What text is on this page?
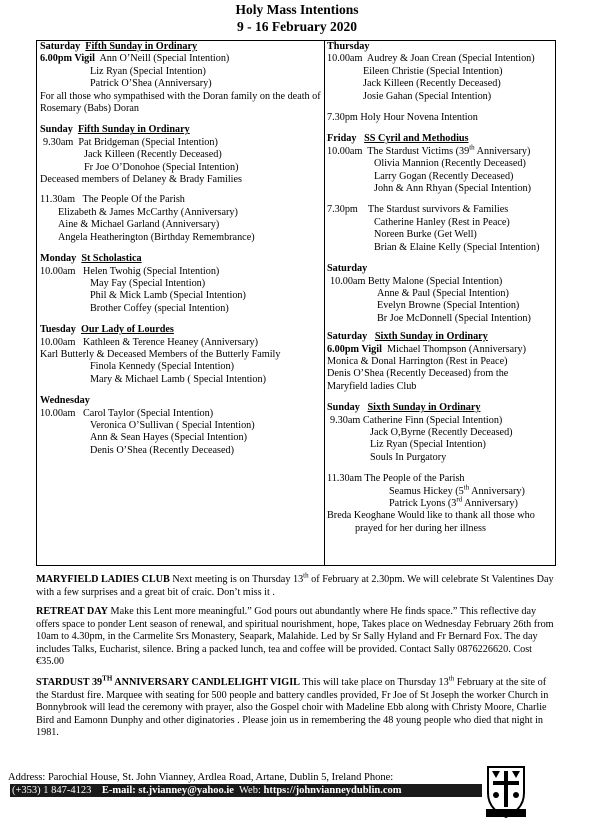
Holy Mass Intentions
9 - 16 February 2020
Saturday Fifth Sunday in Ordinary
6.00pm Vigil Ann O’Neill (Special Intention)
Liz Ryan (Special Intention)
Patrick O’Shea (Anniversary)
For all those who sympathised with the Doran family on the death of Rosemary (Babs) Doran
Sunday Fifth Sunday in Ordinary
9.30am Pat Bridgeman (Special Intention)
Jack Killeen (Recently Deceased)
Fr Joe O’Donohoe (Special Intention)
Deceased members of Delaney & Brady Families
11.30am The People Of the Parish
Elizabeth & James McCarthy (Anniversary)
Aine & Michael Garland (Anniversary)
Angela Heatherington (Birthday Remembrance)
Monday St Scholastica
10.00am Helen Twohig (Special Intention)
May Fay (Special Intention)
Phil & Mick Lamb (Special Intention)
Brother Coffey (special Intention)
Tuesday Our Lady of Lourdes
10.00am Kathleen & Terence Heaney (Anniversary)
Karl Butterly & Deceased Members of the Butterly Family
Finola Kennedy (Special Intention)
Mary & Michael Lamb ( Special Intention)
Wednesday
10.00am Carol Taylor (Special Intention)
Veronica O’Sullivan ( Special Intention)
Ann & Sean Hayes (Special Intention)
Denis O’Shea (Recently Deceased)
Thursday
10.00am Audrey & Joan Crean (Special Intention)
Eileen Christie (Special Intention)
Jack Killeen (Recently Deceased)
Josie Gahan (Special Intention)
7.30pm Holy Hour Novena Intention
Friday SS Cyril and Methodius
10.00am The Stardust Victims (39th Anniversary)
Olivia Mannion (Recently Deceased)
Larry Gogan (Recently Deceased)
John & Ann Rhyan (Special Intention)
7.30pm The Stardust survivors & Families
Catherine Hanley (Rest in Peace)
Noreen Burke (Get Well)
Brian & Elaine Kelly (Special Intention)
Saturday
10.00am Betty Malone (Special Intention)
Anne & Paul (Special Intention)
Evelyn Browne (Special Intention)
Br Joe McDonnell (Special Intention)
Saturday Sixth Sunday in Ordinary
6.00pm Vigil Michael Thompson (Anniversary)
Monica & Donal Harrington (Rest in Peace)
Denis O’Shea (Recently Deceased) from the
Maryfield ladies Club
Sunday Sixth Sunday in Ordinary
9.30am Catherine Finn (Special Intention)
Jack O,Byrne (Recently Deceased)
Liz Ryan (Special Intention)
Souls In Purgatory
11.30am The People of the Parish
Seamus Hickey (5th Anniversary)
Patrick Lyons (3rd Anniversary)
Breda Keoghane Would like to thank all those who
prayed for her during her illness
MARYFIELD LADIES CLUB Next meeting is on Thursday 13th of February at 2.30pm. We will celebrate St Valentines Day with a few surprises and a great bit of craic. Don’t miss it .
RETREAT DAY Make this Lent more meaningful.” God pours out abundantly where He finds space.” This reflective day offers space to ponder Lent season of renewal, and spiritual nourishment, hope, Takes place on Wednesday February 26th from 10am to 4.30pm, in the Carmelite Srs Monastery, Seapark, Malahide. Led by Sr Sally Hyland and Fr Bernard Fox. The day includes Talks, Eucharist, silence. Bring a packed lunch, tea and coffee will be provided. Contact Sally 0876226620. Cost €35.00
STARDUST 39TH ANNIVERSARY CANDLELIGHT VIGIL This will take place on Thursday 13th February at the site of the Stardust fire. Marquee with seating for 500 people and battery candles provided, Fr Joe of St Joseph the worker Church in Bonnybrook will lead the ceremony with prayer, also the Gospel choir with Madeline Ebb along with Christy Moore, Charlie Bird and Eamonn Dunphy and other diginatories . Please join us in remembering the 48 young people who died that night in 1981.
Address: Parochial House, St. John Vianney, Ardlea Road, Artane, Dublin 5, Ireland Phone:
(+353) 1 847-4123 E-mail: st.jvianney@yahoo.ie Web: https://johnvianneydublin.com
